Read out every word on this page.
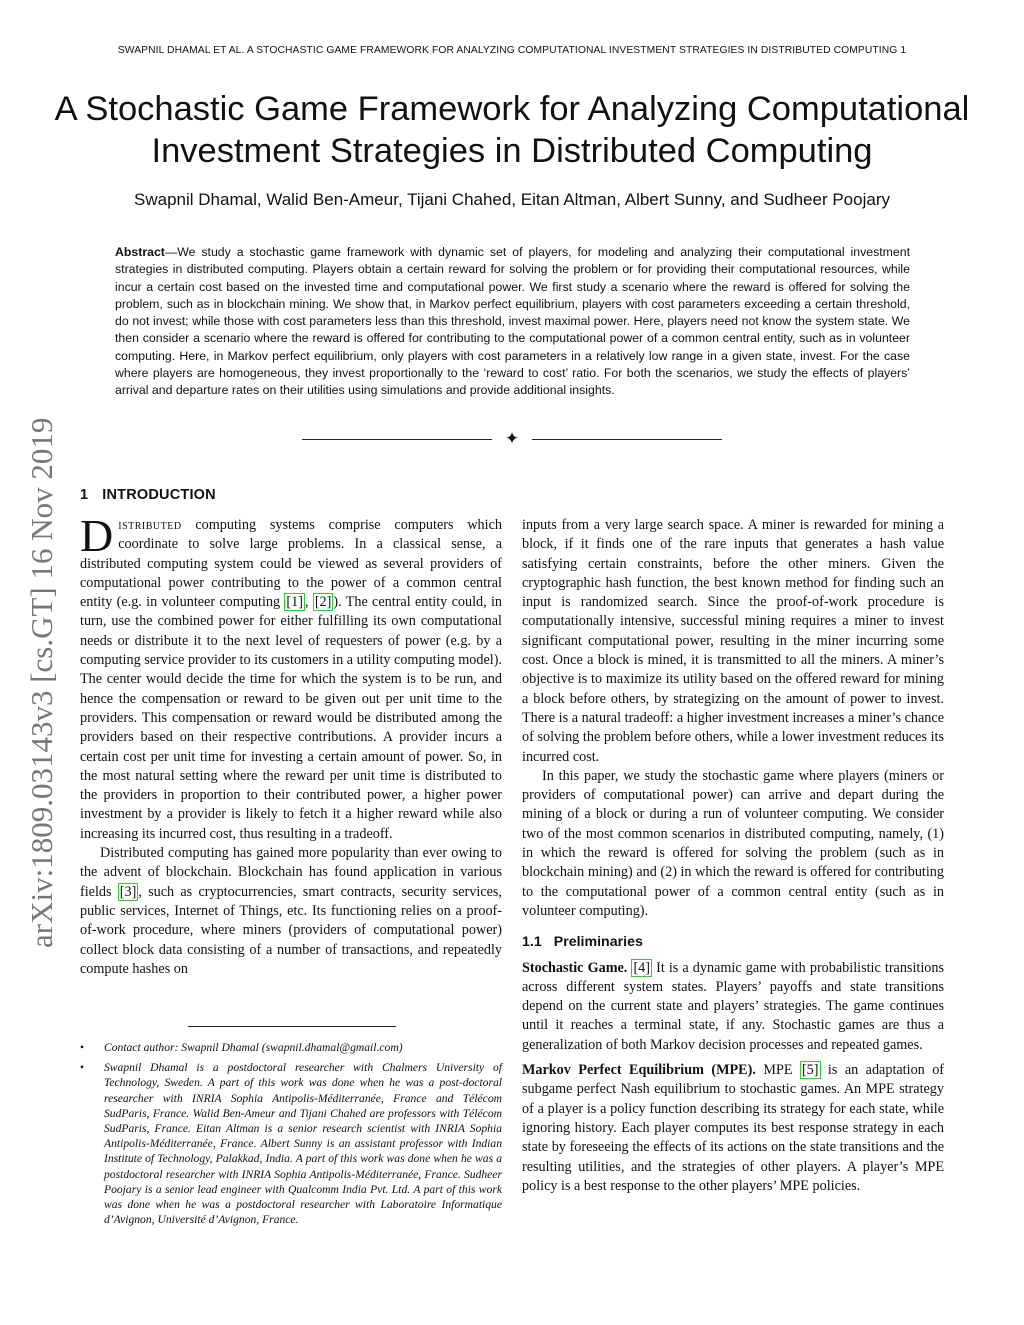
SWAPNIL DHAMAL ET AL. A STOCHASTIC GAME FRAMEWORK FOR ANALYZING COMPUTATIONAL INVESTMENT STRATEGIES IN DISTRIBUTED COMPUTING 1
A Stochastic Game Framework for Analyzing Computational
Investment Strategies in Distributed Computing
Swapnil Dhamal, Walid Ben-Ameur, Tijani Chahed, Eitan Altman, Albert Sunny, and Sudheer Poojary
Abstract—We study a stochastic game framework with dynamic set of players, for modeling and analyzing their computational investment strategies in distributed computing. Players obtain a certain reward for solving the problem or for providing their computational resources, while incur a certain cost based on the invested time and computational power. We first study a scenario where the reward is offered for solving the problem, such as in blockchain mining. We show that, in Markov perfect equilibrium, players with cost parameters exceeding a certain threshold, do not invest; while those with cost parameters less than this threshold, invest maximal power. Here, players need not know the system state. We then consider a scenario where the reward is offered for contributing to the computational power of a common central entity, such as in volunteer computing. Here, in Markov perfect equilibrium, only players with cost parameters in a relatively low range in a given state, invest. For the case where players are homogeneous, they invest proportionally to the ‘reward to cost’ ratio. For both the scenarios, we study the effects of players’ arrival and departure rates on their utilities using simulations and provide additional insights.
✦
arXiv:1809.03143v3 [cs.GT] 16 Nov 2019 1 INTRODUCTION

Distributed computing systems comprise computers which coordinate to solve large problems. In a classical sense, a distributed computing system could be viewed as several providers of computational power contributing to the power of a common central entity (e.g. in volunteer computing [1] , [2] ). The central entity could, in turn, use the combined power for either fulfilling its own computational needs or distribute it to the next level of requesters of power (e.g. by a computing service provider to its customers in a utility computing model). The center would decide the time for which the system is to be run, and hence the compensation or reward to be given out per unit time to the providers. This compensation or reward would be distributed among the providers based on their respective contributions. A provider incurs a certain cost per unit time for investing a certain amount of power. So, in the most natural setting where the reward per unit time is distributed to the providers in proportion to their contributed power, a higher power investment by a provider is likely to fetch it a higher reward while also increasing its incurred cost, thus resulting in a tradeoff.

Distributed computing has gained more popularity than ever owing to the advent of blockchain. Blockchain has found application in various fields [3] , such as cryptocurrencies, smart contracts, security services, public services, Internet of Things, etc. Its functioning relies on a proof-of-work procedure, where miners (providers of computational power) collect block data consisting of a number of transactions, and repeatedly compute hashes on

• Contact author: Swapnil Dhamal (swapnil.dhamal@gmail.com)
• Swapnil Dhamal is a postdoctoral researcher with Chalmers University of Technology, Sweden. A part of this work was done when he was a post-doctoral researcher with INRIA Sophia Antipolis-Méditerranée, France and Télécom SudParis, France. Walid Ben-Ameur and Tijani Chahed are professors with Télécom SudParis, France. Eitan Altman is a senior research scientist with INRIA Sophia Antipolis-Méditerranée, France. Albert Sunny is an assistant professor with Indian Institute of Technology, Palakkad, India. A part of this work was done when he was a postdoctoral researcher with INRIA Sophia Antipolis-Méditerranée, France. Sudheer Poojary is a senior lead engineer with Qualcomm India Pvt. Ltd. A part of this work was done when he was a postdoctoral researcher with Laboratoire Informatique d’Avignon, Université d’Avignon, France.

inputs from a very large search space. A miner is rewarded for mining a block, if it finds one of the rare inputs that generates a hash value satisfying certain constraints, before the other miners. Given the cryptographic hash function, the best known method for finding such an input is randomized search. Since the proof-of-work procedure is computationally intensive, successful mining requires a miner to invest significant computational power, resulting in the miner incurring some cost. Once a block is mined, it is transmitted to all the miners. A miner’s objective is to maximize its utility based on the offered reward for mining a block before others, by strategizing on the amount of power to invest. There is a natural tradeoff: a higher investment increases a miner’s chance of solving the problem before others, while a lower investment reduces its incurred cost.

In this paper, we study the stochastic game where players (miners or providers of computational power) can arrive and depart during the mining of a block or during a run of volunteer computing. We consider two of the most common scenarios in distributed computing, namely, (1) in which the reward is offered for solving the problem (such as in blockchain mining) and (2) in which the reward is offered for contributing to the computational power of a common central entity (such as in volunteer computing).

1.1 Preliminaries

Stochastic Game. [4] It is a dynamic game with probabilistic transitions across different system states. Players’ payoffs and state transitions depend on the current state and players’ strategies. The game continues until it reaches a terminal state, if any. Stochastic games are thus a generalization of both Markov decision processes and repeated games.

Markov Perfect Equilibrium (MPE). MPE [5] is an adaptation of subgame perfect Nash equilibrium to stochastic games. An MPE strategy of a player is a policy function describing its strategy for each state, while ignoring history. Each player computes its best response strategy in each state by foreseeing the effects of its actions on the state transitions and the resulting utilities, and the strategies of other players. A player’s MPE policy is a best response to the other players’ MPE policies.
